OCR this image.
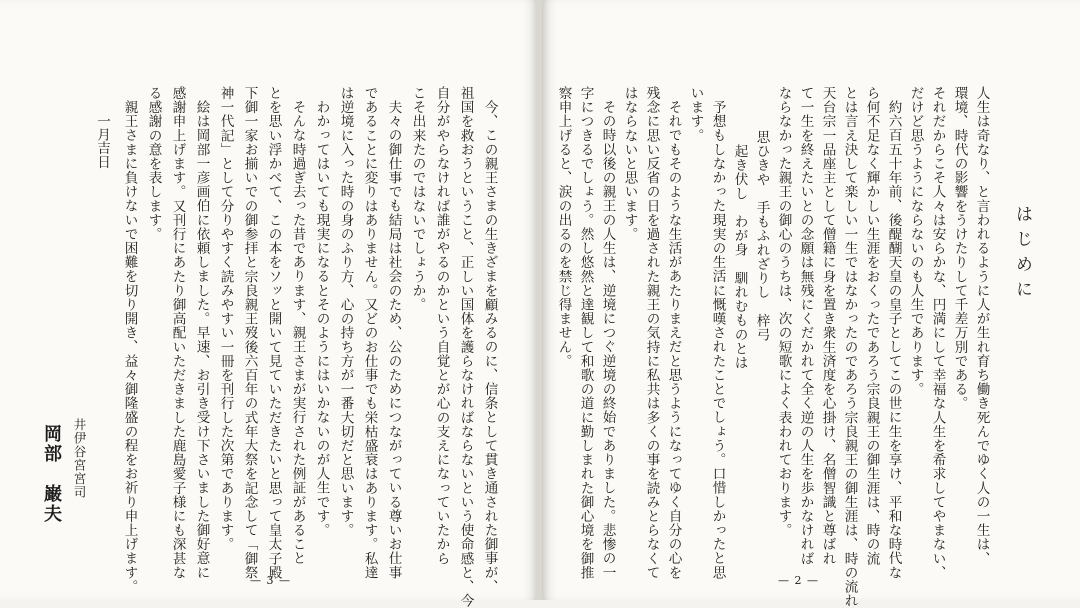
今、この親王さまの生きざまを顧みるのに、信条として貫き通された御事が、
祖国を救おうということ、正しい国体を護らなければならないという使命感と、今
自分がやらなければ誰がやるのかという自覚とが心の支えになっていたから
こそ出来たのではないでしょうか。
夫々の御仕事でも結局は社会のため、公のためにつながっている尊いお仕事
であることに変りはありません。又どのお仕事でも栄枯盛衰はあります。私達
は逆境に入った時の身のふり方、心の持ち方が一番大切だと思います。
わかってはいても現実になるとそのようにはいかないのが人生です。
そんな時過ぎ去った昔であります、親王さまが実行された例証があること
とを思い浮かべて、この本をソッと開いて見ていただきたいと思って皇太子殿
下御一家お揃いでの御参拝と宗良親王歿後六百年の式年大祭を記念して「御祭
神一代記」として分りやすく読みやすい一冊を刊行した次第であります。
絵は岡部一彦画伯に依頼しました。早速、お引き受け下さいました御好意に
感謝申上げます。又刊行にあたり御高配いただきました鹿島愛子様にも深甚な
る感謝の意を表します。
親王さまに負けないで困難を切り開き、益々御隆盛の程をお祈り申上げます。
一月吉日
井伊谷宮宮司
岡部　巌夫
— 3 —
はじめに
人生は奇なり、と言われるように人が生れ育ち働き死んでゆく人の一生は、
環境、時代の影響をうけたりして千差万別である。
それだからこそ人々は安らかな、円満にして幸福な人生を希求してやまない、
だけど思うようにならないのも人生であります。
約六百五十年前、後醍醐天皇の皇子としてこの世に生を享け、平和な時代な
ら何不足なく輝かしい生涯をおくったであろう宗良親王の御生涯は、時の流
とは言え決して楽しい一生ではなかったのであろう宗良親王の御生涯は、時の流れ
天台宗一品座主として僧籍に身を置き衆生済度を心掛け、名僧智識と尊ばれ
て一生を終えたいとの念願は無残にくだかれて全く逆の人生を歩かなければ
ならなかった親王の御心のうちは、次の短歌によく表われております。
思ひきや　手もふれざりし　梓弓
起き伏し　わが身　馴れむものとは
予想もしなかった現実の生活に慨嘆されたことでしょう。口惜しかったと思
います。
それでもそのような生活があたりまえだと思うようになってゆく自分の心を
残念に思い反省の日を過された親王の気持に私共は多くの事を読みとらなくて
はならないと思います。
その時以後の親王の人生は、逆境につぐ逆境の終始でありました。悲惨の一
字につきるでしょう。然し悠然と達観して和歌の道に勤しまれた御心境を御推
察申上げると、涙の出るのを禁じ得ません。
— 2 —
